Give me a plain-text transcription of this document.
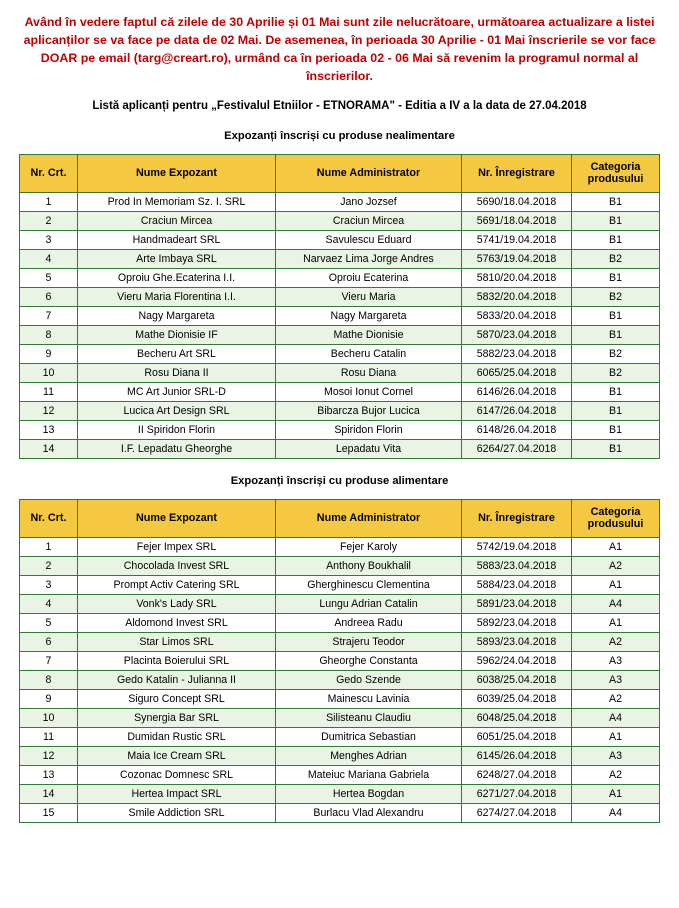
Având în vedere faptul că zilele de 30 Aprilie și 01 Mai sunt zile nelucrătoare, următoarea actualizare a listei aplicanților se va face pe data de 02 Mai. De asemenea, în perioada 30 Aprilie - 01 Mai înscrierile se vor face DOAR pe email (targ@creart.ro), urmând ca în perioada 02 - 06 Mai să revenim la programul normal al înscrierilor.
Listă aplicanți pentru „Festivalul Etniilor - ETNORAMA" - Editia a IV a la data de 27.04.2018
Expozanți înscriși cu produse nealimentare
Nr. Crt.	Nume Expozant	Nume Administrator	Nr. Înregistrare	Categoria produsului
1	Prod In Memoriam Sz. I. SRL	Jano Jozsef	5690/18.04.2018	B1
2	Craciun Mircea	Craciun Mircea	5691/18.04.2018	B1
3	Handmadeart SRL	Savulescu Eduard	5741/19.04.2018	B1
4	Arte Imbaya SRL	Narvaez Lima Jorge Andres	5763/19.04.2018	B2
5	Oproiu Ghe.Ecaterina I.I.	Oproiu Ecaterina	5810/20.04.2018	B1
6	Vieru Maria Florentina I.I.	Vieru Maria	5832/20.04.2018	B2
7	Nagy Margareta	Nagy Margareta	5833/20.04.2018	B1
8	Mathe Dionisie IF	Mathe Dionisie	5870/23.04.2018	B1
9	Becheru Art SRL	Becheru Catalin	5882/23.04.2018	B2
10	Rosu Diana II	Rosu Diana	6065/25.04.2018	B2
11	MC Art Junior SRL-D	Mosoi Ionut Cornel	6146/26.04.2018	B1
12	Lucica Art Design SRL	Bibarcza Bujor Lucica	6147/26.04.2018	B1
13	II Spiridon Florin	Spiridon Florin	6148/26.04.2018	B1
14	I.F. Lepadatu Gheorghe	Lepadatu Vita	6264/27.04.2018	B1
Expozanți înscriși cu produse alimentare
Nr. Crt.	Nume Expozant	Nume Administrator	Nr. Înregistrare	Categoria produsului
1	Fejer Impex SRL	Fejer Karoly	5742/19.04.2018	A1
2	Chocolada Invest SRL	Anthony Boukhalil	5883/23.04.2018	A2
3	Prompt Activ Catering SRL	Gherghinescu Clementina	5884/23.04.2018	A1
4	Vonk's Lady SRL	Lungu Adrian Catalin	5891/23.04.2018	A4
5	Aldomond Invest SRL	Andreea Radu	5892/23.04.2018	A1
6	Star Limos SRL	Strajeru Teodor	5893/23.04.2018	A2
7	Placinta Boierului SRL	Gheorghe Constanta	5962/24.04.2018	A3
8	Gedo Katalin - Julianna II	Gedo Szende	6038/25.04.2018	A3
9	Siguro Concept SRL	Mainescu Lavinia	6039/25.04.2018	A2
10	Synergia Bar SRL	Silisteanu Claudiu	6048/25.04.2018	A4
11	Dumidan Rustic SRL	Dumitrica Sebastian	6051/25.04.2018	A1
12	Maia Ice Cream SRL	Menghes Adrian	6145/26.04.2018	A3
13	Cozonac Domnesc SRL	Mateiuc Mariana Gabriela	6248/27.04.2018	A2
14	Hertea Impact SRL	Hertea Bogdan	6271/27.04.2018	A1
15	Smile Addiction SRL	Burlacu Vlad Alexandru	6274/27.04.2018	A4
